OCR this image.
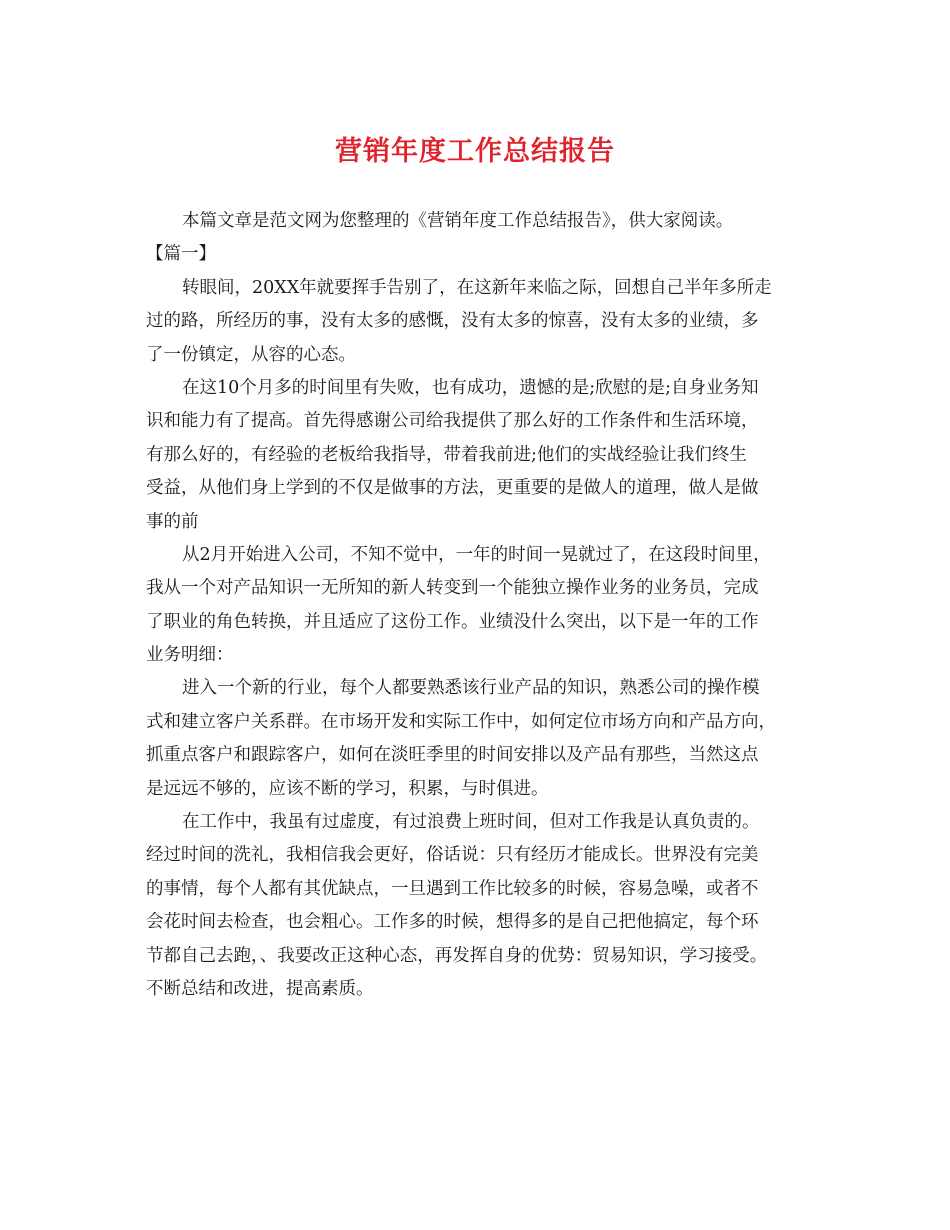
营销年度工作总结报告
本篇文章是范文网为您整理的《营销年度工作总结报告》，供大家阅读。
【篇一】
转眼间，20XX年就要挥手告别了，在这新年来临之际，回想自己半年多所走
过的路，所经历的事，没有太多的感慨，没有太多的惊喜，没有太多的业绩，多
了一份镇定，从容的心态。
在这10个月多的时间里有失败，也有成功，遗憾的是;欣慰的是;自身业务知
识和能力有了提高。首先得感谢公司给我提供了那么好的工作条件和生活环境，
有那么好的，有经验的老板给我指导，带着我前进;他们的实战经验让我们终生
受益，从他们身上学到的不仅是做事的方法，更重要的是做人的道理，做人是做
事的前
从2月开始进入公司，不知不觉中，一年的时间一晃就过了，在这段时间里，
我从一个对产品知识一无所知的新人转变到一个能独立操作业务的业务员，完成
了职业的角色转换，并且适应了这份工作。业绩没什么突出，以下是一年的工作
业务明细：
进入一个新的行业，每个人都要熟悉该行业产品的知识，熟悉公司的操作模
式和建立客户关系群。在市场开发和实际工作中，如何定位市场方向和产品方向，
抓重点客户和跟踪客户，如何在淡旺季里的时间安排以及产品有那些，当然这点
是远远不够的，应该不断的学习，积累，与时俱进。
在工作中，我虽有过虚度，有过浪费上班时间，但对工作我是认真负责的。
经过时间的洗礼，我相信我会更好，俗话说：只有经历才能成长。世界没有完美
的事情，每个人都有其优缺点，一旦遇到工作比较多的时候，容易急噪，或者不
会花时间去检查，也会粗心。工作多的时候，想得多的是自己把他搞定，每个环
节都自己去跑，、我要改正这种心态，再发挥自身的优势：贸易知识，学习接受。
不断总结和改进，提高素质。
